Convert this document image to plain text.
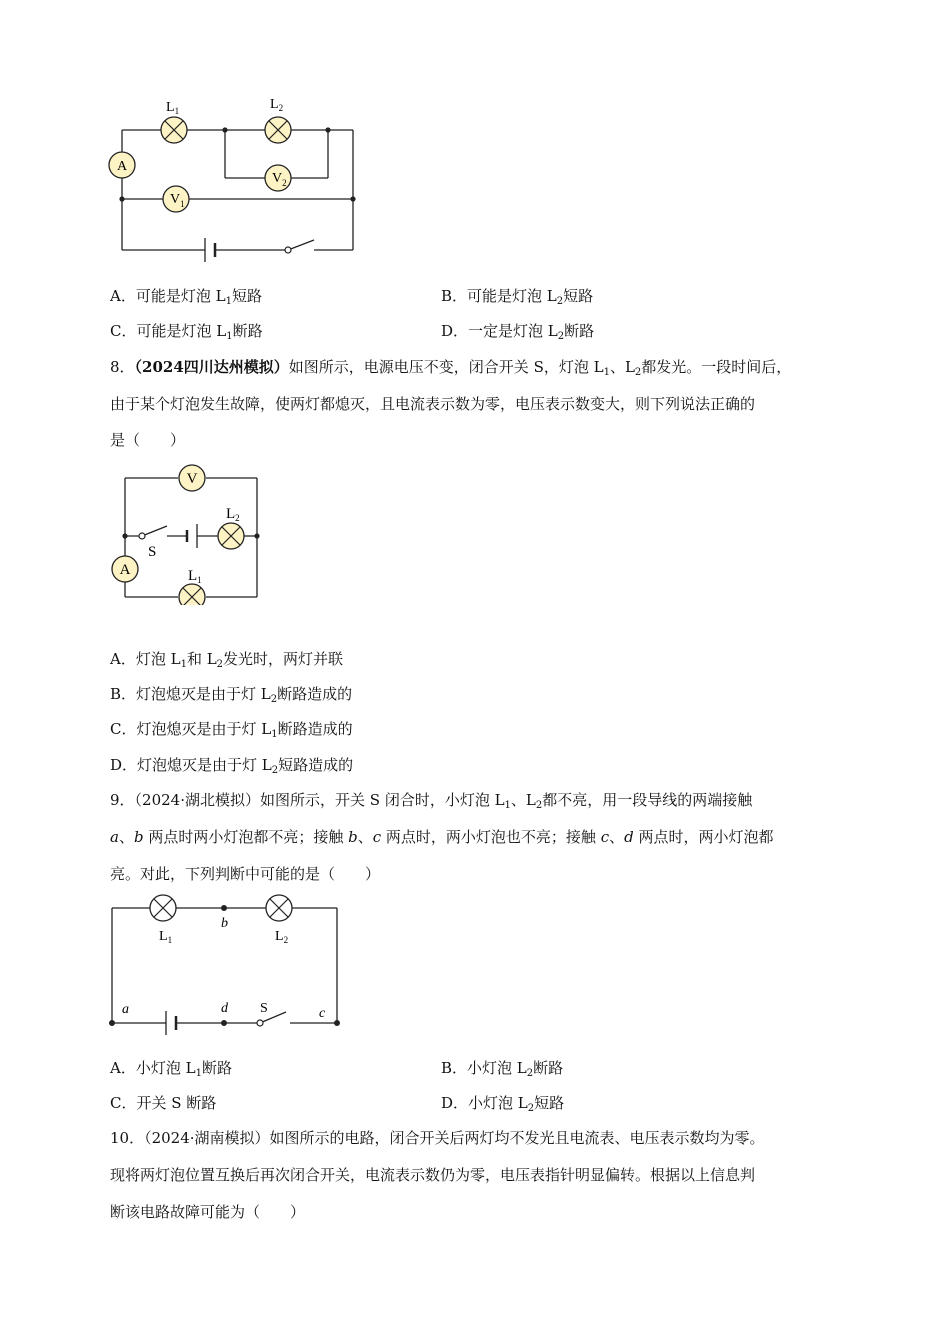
$L_1$	$L_2$
A
$V_1$
$V_2$
A．可能是灯泡 $L_1$短路	B．可能是灯泡 $L_2$短路
C．可能是灯泡 $L_1$断路	D．一定是灯泡 $L_2$断路
8．（2024四川达州模拟）如图所示，电源电压不变，闭合开关 S，灯泡 $L_1$、$L_2$都发光。一段时间后，
由于某个灯泡发生故障，使两灯都熄灭，且电流表示数为零，电压表示数变大，则下列说法正确的
是（　　）
V
$L_2$
S
A	$L_1$
A．灯泡 $L_1$和 $L_2$发光时，两灯并联
B．灯泡熄灭是由于灯 $L_2$断路造成的
C．灯泡熄灭是由于灯 $L_1$断路造成的
D．灯泡熄灭是由于灯 $L_2$短路造成的
9．（2024·湖北模拟）如图所示，开关 S 闭合时，小灯泡 $L_1$、$L_2$都不亮，用一段导线的两端接触
a、b 两点时两小灯泡都不亮；接触 b、c 两点时，两小灯泡也不亮；接触 c、d 两点时，两小灯泡都
亮。对此，下列判断中可能的是（　　）
$L_1$	$L_2$
b
a	d S	c
A．小灯泡 $L_1$断路	B．小灯泡 $L_2$断路
C．开关 S 断路	D．小灯泡 $L_2$短路
10．（2024·湖南模拟）如图所示的电路，闭合开关后两灯均不发光且电流表、电压表示数均为零。
现将两灯泡位置互换后再次闭合开关，电流表示数仍为零，电压表指针明显偏转。根据以上信息判
断该电路故障可能为（　　）
